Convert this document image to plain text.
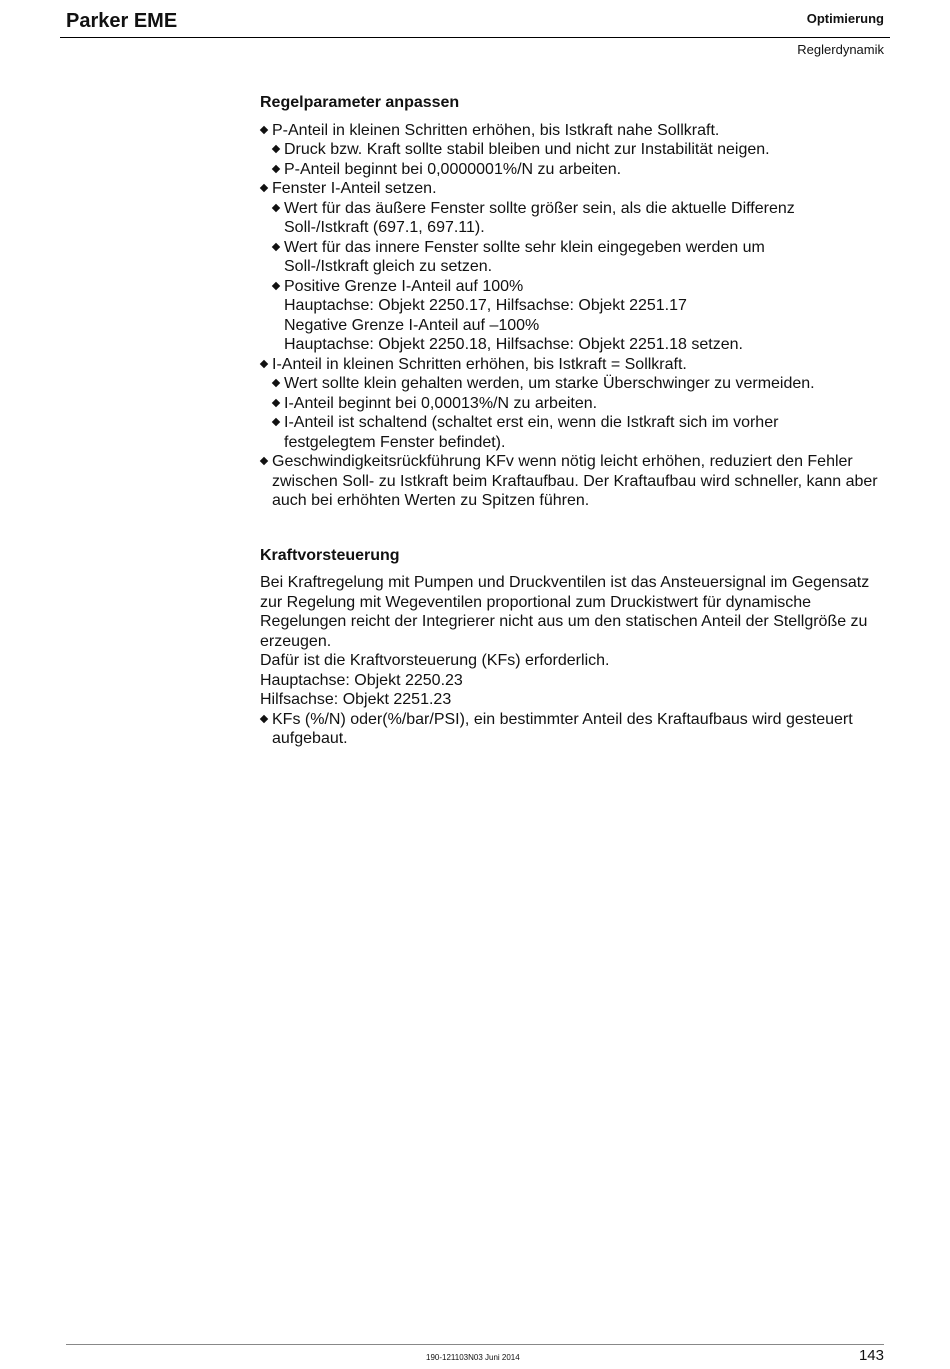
Parker EME	Optimierung
Reglerdynamik
Regelparameter anpassen
P-Anteil in kleinen Schritten erhöhen, bis Istkraft nahe Sollkraft.
Druck bzw. Kraft sollte stabil bleiben und nicht zur Instabilität neigen.
P-Anteil beginnt bei 0,0000001%/N zu arbeiten.
Fenster I-Anteil setzen.
Wert für das äußere Fenster sollte größer sein, als die aktuelle Differenz
Soll-/Istkraft (697.1, 697.11).
Wert für das innere Fenster sollte sehr klein eingegeben werden um
Soll-/Istkraft gleich zu setzen.
Positive Grenze I-Anteil auf 100%
Hauptachse: Objekt 2250.17, Hilfsachse: Objekt 2251.17
Negative Grenze I-Anteil auf –100%
Hauptachse: Objekt 2250.18, Hilfsachse: Objekt 2251.18 setzen.
I-Anteil in kleinen Schritten erhöhen, bis Istkraft = Sollkraft.
Wert sollte klein gehalten werden, um starke Überschwinger zu vermeiden.
I-Anteil beginnt bei 0,00013%/N zu arbeiten.
I-Anteil ist schaltend (schaltet erst ein, wenn die Istkraft sich im vorher
festgelegtem Fenster befindet).
Geschwindigkeitsrückführung KFv wenn nötig leicht erhöhen, reduziert den Fehler zwischen Soll- zu Istkraft beim Kraftaufbau. Der Kraftaufbau wird schneller, kann aber auch bei erhöhten Werten zu Spitzen führen.
Kraftvorsteuerung
Bei Kraftregelung mit Pumpen und Druckventilen ist das Ansteuersignal im Gegensatz zur Regelung mit Wegeventilen proportional zum Druckistwert für dynamische Regelungen reicht der Integrierer nicht aus um den statischen Anteil der Stellgröße zu erzeugen.
Dafür ist die Kraftvorsteuerung (KFs) erforderlich.
Hauptachse: Objekt 2250.23
Hilfsachse: Objekt 2251.23
KFs (%/N) oder(%/bar/PSI), ein bestimmter Anteil des Kraftaufbaus wird gesteuert aufgebaut.
190-121103N03 Juni 2014	143
